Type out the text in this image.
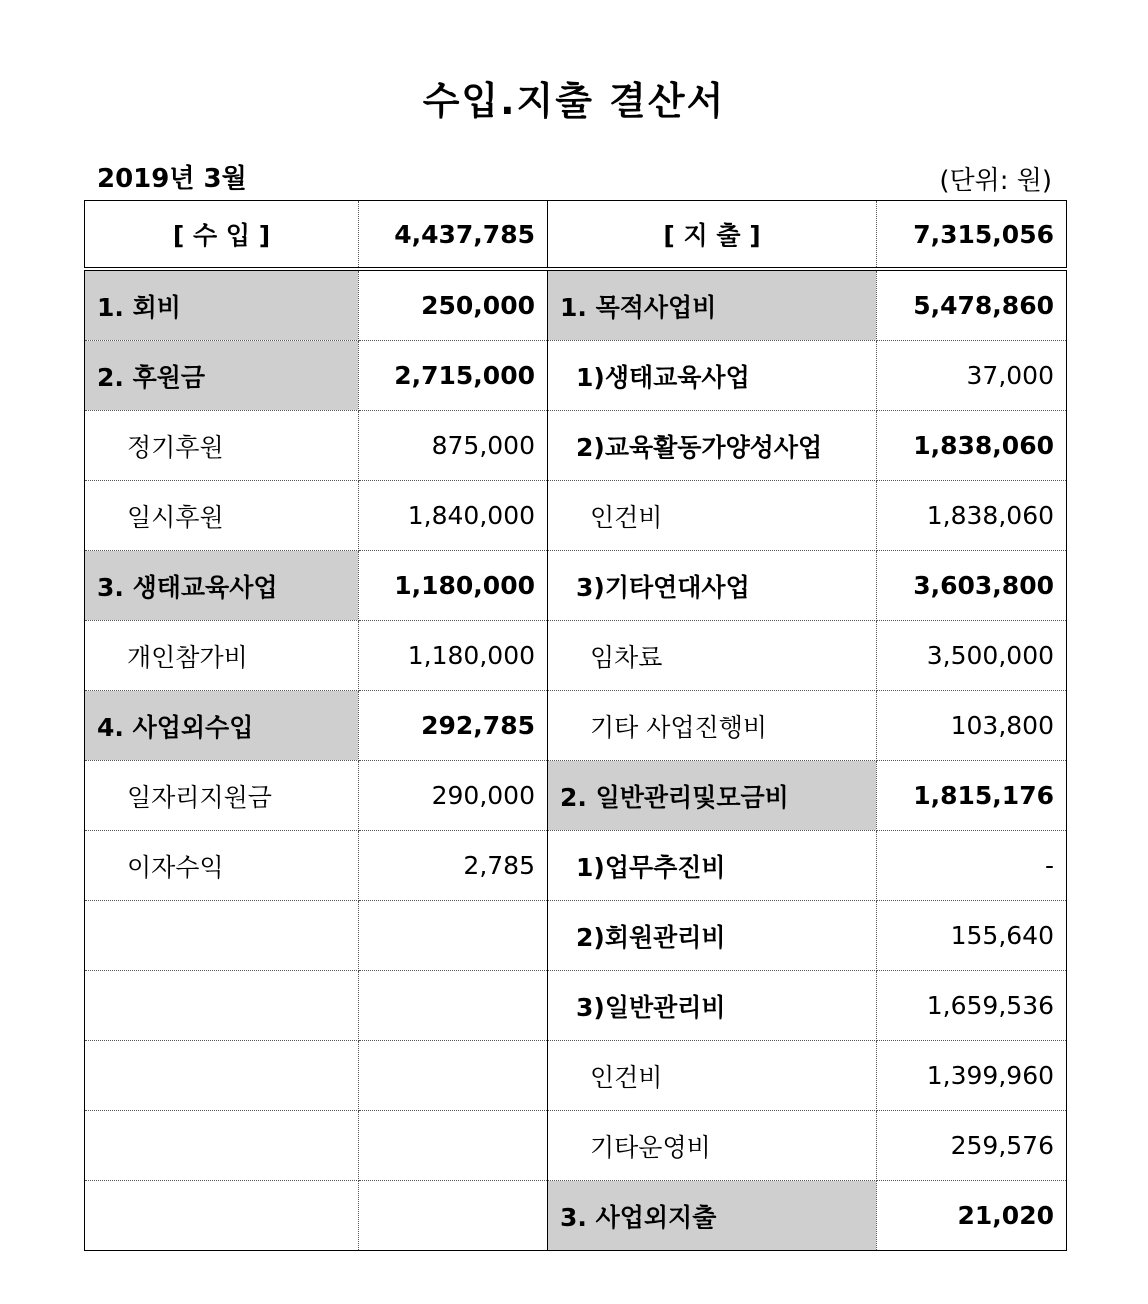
수입.지출 결산서
2019년 3월	(단위: 원)
[ 수 입 ]	4,437,785	[ 지 출 ]	7,315,056
1. 회비	250,000	1. 목적사업비	5,478,860
2. 후원금	2,715,000	1)생태교육사업	37,000
정기후원	875,000	2)교육활동가양성사업	1,838,060
일시후원	1,840,000	인건비	1,838,060
3. 생태교육사업	1,180,000	3)기타연대사업	3,603,800
개인참가비	1,180,000	임차료	3,500,000
4. 사업외수입	292,785	기타 사업진행비	103,800
일자리지원금	290,000	2. 일반관리및모금비	1,815,176
이자수익	2,785	1)업무추진비	-
		2)회원관리비	155,640
		3)일반관리비	1,659,536
		인건비	1,399,960
		기타운영비	259,576
		3. 사업외지출	21,020
